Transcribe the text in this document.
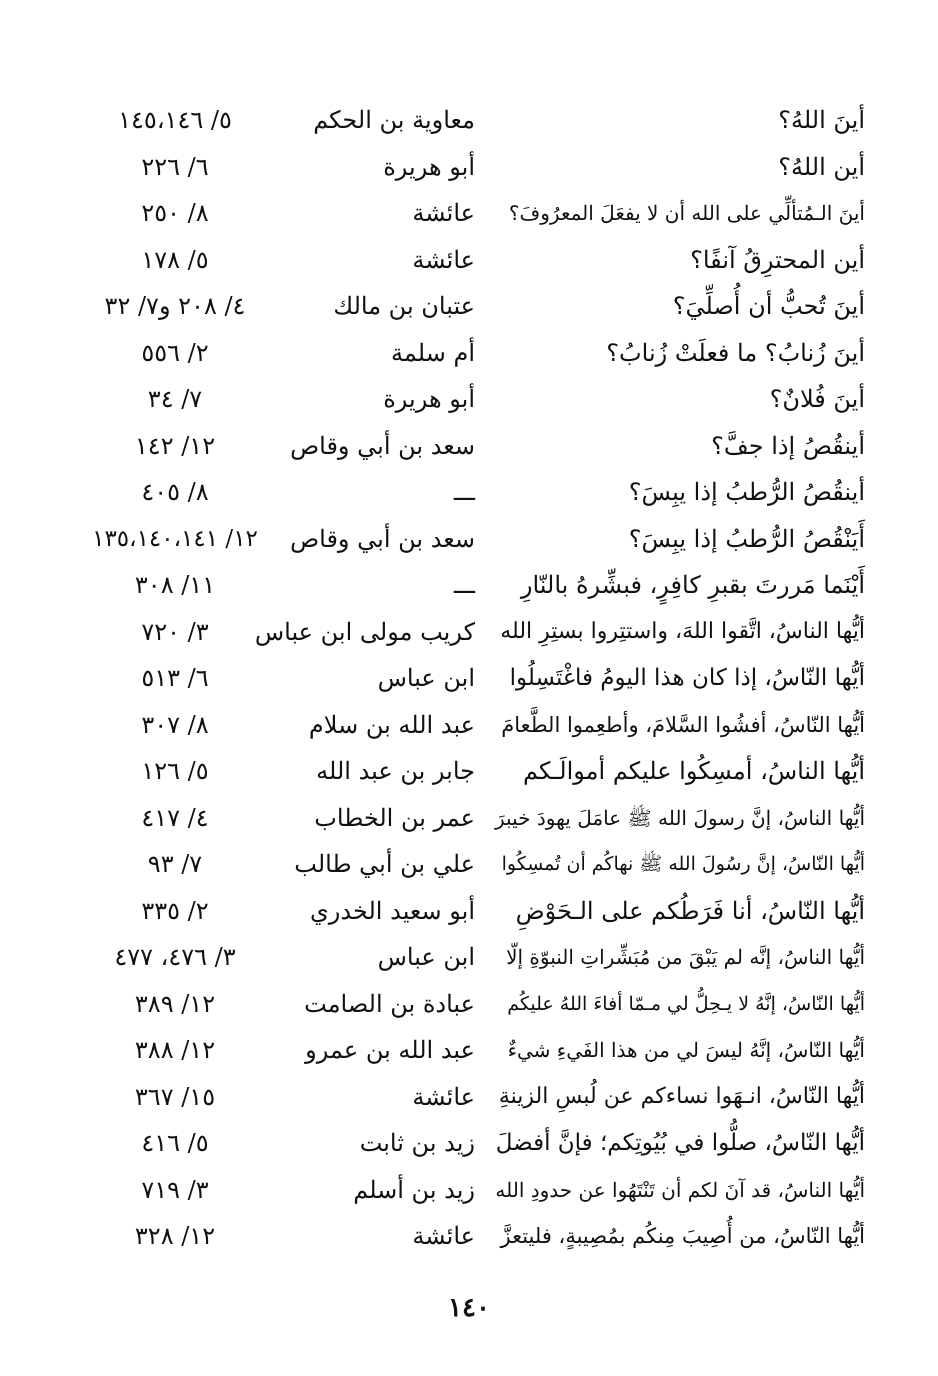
أينَ اللهُ؟
معاوية بن الحكم
٥/ ١٤٥،١٤٦
أين اللهُ؟
أبو هريرة
٦/ ٢٢٦
أينَ الـمُتألِّي على الله أن لا يفعَلَ المعرُوفَ؟
عائشة
٨/ ٢٥٠
أين المحترِقُ آنفًا؟
عائشة
٥/ ١٧٨
أينَ تُحبُّ أن أُصلِّيَ؟
عتبان بن مالك
٤/ ٢٠٨ و٧/ ٣٢
أينَ زُنابُ؟ ما فعلَتْ زُنابُ؟
أم سلمة
٢/ ٥٥٦
أينَ فُلانٌ؟
أبو هريرة
٧/ ٣٤
أينقُصُ إذا جفَّ؟
سعد بن أبي وقاص
١٢/ ١٤٢
أينقُصُ الرُّطبُ إذا يبِسَ؟
ـــ
٨/ ٤٠٥
أَيَنْقُصُ الرُّطبُ إذا يبِسَ؟
سعد بن أبي وقاص
١٢/ ١٣٥،١٤٠،١٤١
أَيْنَما مَررتَ بقبرِ كافِرٍ، فبشِّرهُ بالنّارِ
ـــ
١١/ ٣٠٨
أيُّها الناسُ، اتَّقوا اللهَ، واستتِروا بستِرِ الله
كريب مولى ابن عباس
٣/ ٧٢٠
أيُّها النّاسُ، إذا كان هذا اليومُ فاغْتَسِلُوا
ابن عباس
٦/ ٥١٣
أيُّها النّاسُ، أفشُوا السَّلامَ، وأطعِموا الطَّعامَ
عبد الله بن سلام
٨/ ٣٠٧
أيُّها الناسُ، أمسِكُوا عليكم أموالَـكم
جابر بن عبد الله
٥/ ١٢٦
أيُّها الناسُ، إنَّ رسولَ الله ﷺ عامَلَ يهودَ خيبرَ
عمر بن الخطاب
٤/ ٤١٧
أيُّها النّاسُ، إنَّ رسُولَ الله ﷺ نهاكُم أن تُمسِكُوا
علي بن أبي طالب
٧/ ٩٣
أيُّها النّاسُ، أنا فَرَطُكم على الـحَوْضِ
أبو سعيد الخدري
٢/ ٣٣٥
أيُّها الناسُ، إنَّه لم يَبْقَ من مُبَشِّراتِ النبوّةِ إلّا
ابن عباس
٣/ ٤٧٦، ٤٧٧
أيُّها النّاسُ، إنَّهُ لا يـحِلُّ لي مـمّا أفاءَ اللهُ عليكُم
عبادة بن الصامت
١٢/ ٣٨٩
أيُّها النّاسُ، إنَّهُ ليسَ لي من هذا الفَيءِ شيءٌ
عبد الله بن عمرو
١٢/ ٣٨٨
أيُّها النّاسُ، انـهَوا نساءكم عن لُبسِ الزينةِ
عائشة
١٥/ ٣٦٧
أيُّها النّاسُ، صلُّوا في بُيُوتِكم؛ فإنَّ أفضلَ
زيد بن ثابت
٥/ ٤١٦
أيُّها الناسُ، قد آنَ لكم أن تَنْتَهُوا عن حدودِ الله
زيد بن أسلم
٣/ ٧١٩
أيُّها النّاسُ، من أُصِيبَ مِنكُم بمُصِيبةٍ، فليتعزَّ
عائشة
١٢/ ٣٢٨
١٤٠
